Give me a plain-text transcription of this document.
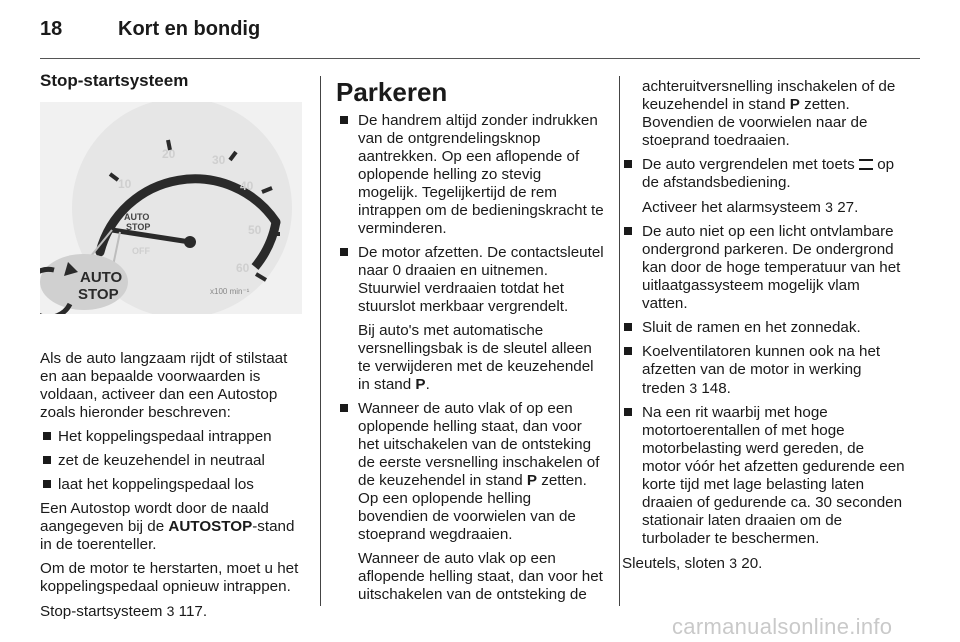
18	Kort en bondig
Stop-startsysteem
10
20	30
40
50
60
AUTO
STOP
OFF
x100 min⁻¹
AUTO
STOP

Als de auto langzaam rijdt of stilstaat en aan bepaalde voorwaarden is voldaan, activeer dan een Autostop zoals hieronder beschreven:

Het koppelingspedaal intrappen
zet de keuzehendel in neutraal
laat het koppelingspedaal los

Een Autostop wordt door de naald aangegeven bij de AUTOSTOP-stand in de toerenteller.

Om de motor te herstarten, moet u het koppelingspedaal opnieuw intrappen.

Stop-startsysteem 3 117.

Parkeren
De handrem altijd zonder indrukken van de ontgrendelingsknop aantrekken. Op een aflopende of oplopende helling zo stevig mogelijk. Tegelijkertijd de rem intrappen om de bedieningskracht te verminderen.
De motor afzetten. De contactsleutel naar 0 draaien en uitnemen. Stuurwiel verdraaien totdat het stuurslot merkbaar vergrendelt.

Bij auto's met automatische versnellingsbak is de sleutel alleen te verwijderen met de keuzehendel in stand P.

Wanneer de auto vlak of op een oplopende helling staat, dan voor het uitschakelen van de ontsteking de eerste versnelling inschakelen of de keuzehendel in stand P zetten. Op een oplopende helling bovendien de voorwielen van de stoeprand wegdraaien.

Wanneer de auto vlak op een aflopende helling staat, dan voor het uitschakelen van de ontsteking de

achteruitversnelling inschakelen of de keuzehendel in stand P zetten. Bovendien de voorwielen naar de stoeprand toedraaien.

De auto vergrendelen met toets op de afstandsbediening.

Activeer het alarmsysteem 3 27.

De auto niet op een licht ontvlambare ondergrond parkeren. De ondergrond kan door de hoge temperatuur van het uitlaatgassysteem mogelijk vlam vatten.
Sluit de ramen en het zonnedak.
Koelventilatoren kunnen ook na het afzetten van de motor in werking treden 3 148.
Na een rit waarbij met hoge motortoerentallen of met hoge motorbelasting werd gereden, de motor vóór het afzetten gedurende een korte tijd met lage belasting laten draaien of gedurende ca. 30 seconden stationair laten draaien om de turbolader te beschermen.

Sleutels, sloten 3 20.

carmanualsonline.info
